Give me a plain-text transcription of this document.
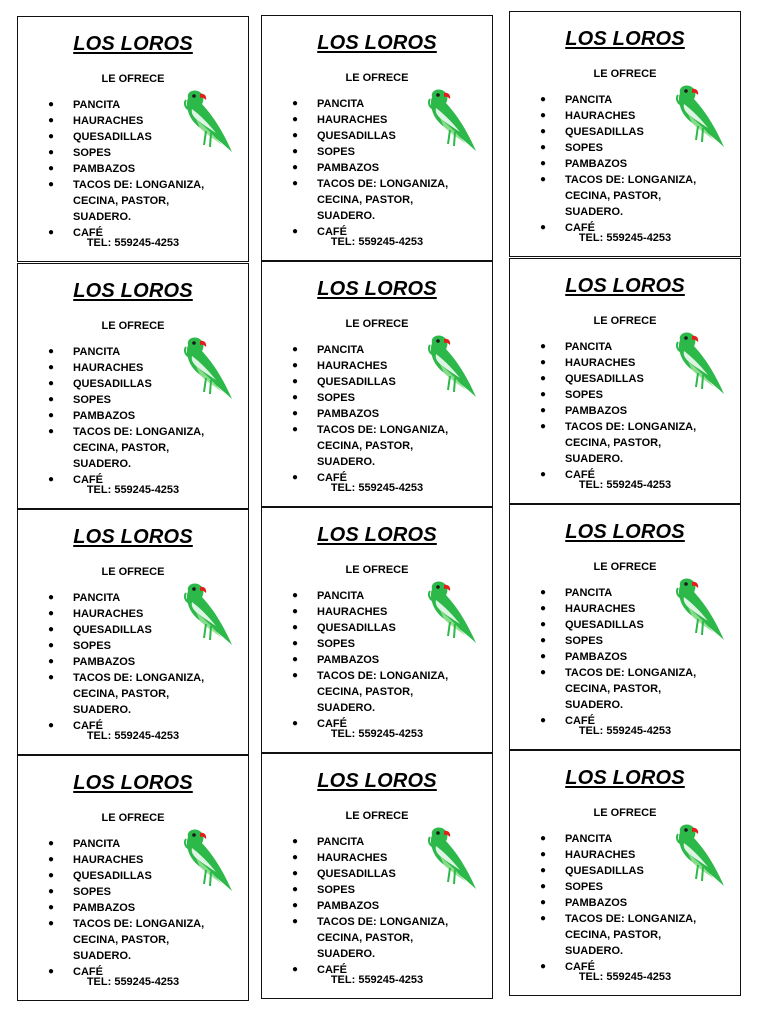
LOS LOROS
LE OFRECE
● PANCITA
● HAURACHES
● QUESADILLAS
● SOPES
● PAMBAZOS
● TACOS DE: LONGANIZA, CECINA, PASTOR, SUADERO.
● CAFÉ
TEL: 559245-4253
LOS LOROS
LE OFRECE
● PANCITA
● HAURACHES
● QUESADILLAS
● SOPES
● PAMBAZOS
● TACOS DE: LONGANIZA, CECINA, PASTOR, SUADERO.
● CAFÉ
TEL: 559245-4253
LOS LOROS
LE OFRECE
● PANCITA
● HAURACHES
● QUESADILLAS
● SOPES
● PAMBAZOS
● TACOS DE: LONGANIZA, CECINA, PASTOR, SUADERO.
● CAFÉ
TEL: 559245-4253
LOS LOROS
LE OFRECE
● PANCITA
● HAURACHES
● QUESADILLAS
● SOPES
● PAMBAZOS
● TACOS DE: LONGANIZA, CECINA, PASTOR, SUADERO.
● CAFÉ
TEL: 559245-4253
LOS LOROS
LE OFRECE
● PANCITA
● HAURACHES
● QUESADILLAS
● SOPES
● PAMBAZOS
● TACOS DE: LONGANIZA, CECINA, PASTOR, SUADERO.
● CAFÉ
TEL: 559245-4253
LOS LOROS
LE OFRECE
● PANCITA
● HAURACHES
● QUESADILLAS
● SOPES
● PAMBAZOS
● TACOS DE: LONGANIZA, CECINA, PASTOR, SUADERO.
● CAFÉ
TEL: 559245-4253
LOS LOROS
LE OFRECE
● PANCITA
● HAURACHES
● QUESADILLAS
● SOPES
● PAMBAZOS
● TACOS DE: LONGANIZA, CECINA, PASTOR, SUADERO.
● CAFÉ
TEL: 559245-4253
LOS LOROS
LE OFRECE
● PANCITA
● HAURACHES
● QUESADILLAS
● SOPES
● PAMBAZOS
● TACOS DE: LONGANIZA, CECINA, PASTOR, SUADERO.
● CAFÉ
TEL: 559245-4253
LOS LOROS
LE OFRECE
● PANCITA
● HAURACHES
● QUESADILLAS
● SOPES
● PAMBAZOS
● TACOS DE: LONGANIZA, CECINA, PASTOR, SUADERO.
● CAFÉ
TEL: 559245-4253
LOS LOROS
LE OFRECE
● PANCITA
● HAURACHES
● QUESADILLAS
● SOPES
● PAMBAZOS
● TACOS DE: LONGANIZA, CECINA, PASTOR, SUADERO.
● CAFÉ
TEL: 559245-4253
LOS LOROS
LE OFRECE
● PANCITA
● HAURACHES
● QUESADILLAS
● SOPES
● PAMBAZOS
● TACOS DE: LONGANIZA, CECINA, PASTOR, SUADERO.
● CAFÉ
TEL: 559245-4253
LOS LOROS
LE OFRECE
● PANCITA
● HAURACHES
● QUESADILLAS
● SOPES
● PAMBAZOS
● TACOS DE: LONGANIZA, CECINA, PASTOR, SUADERO.
● CAFÉ
TEL: 559245-4253
